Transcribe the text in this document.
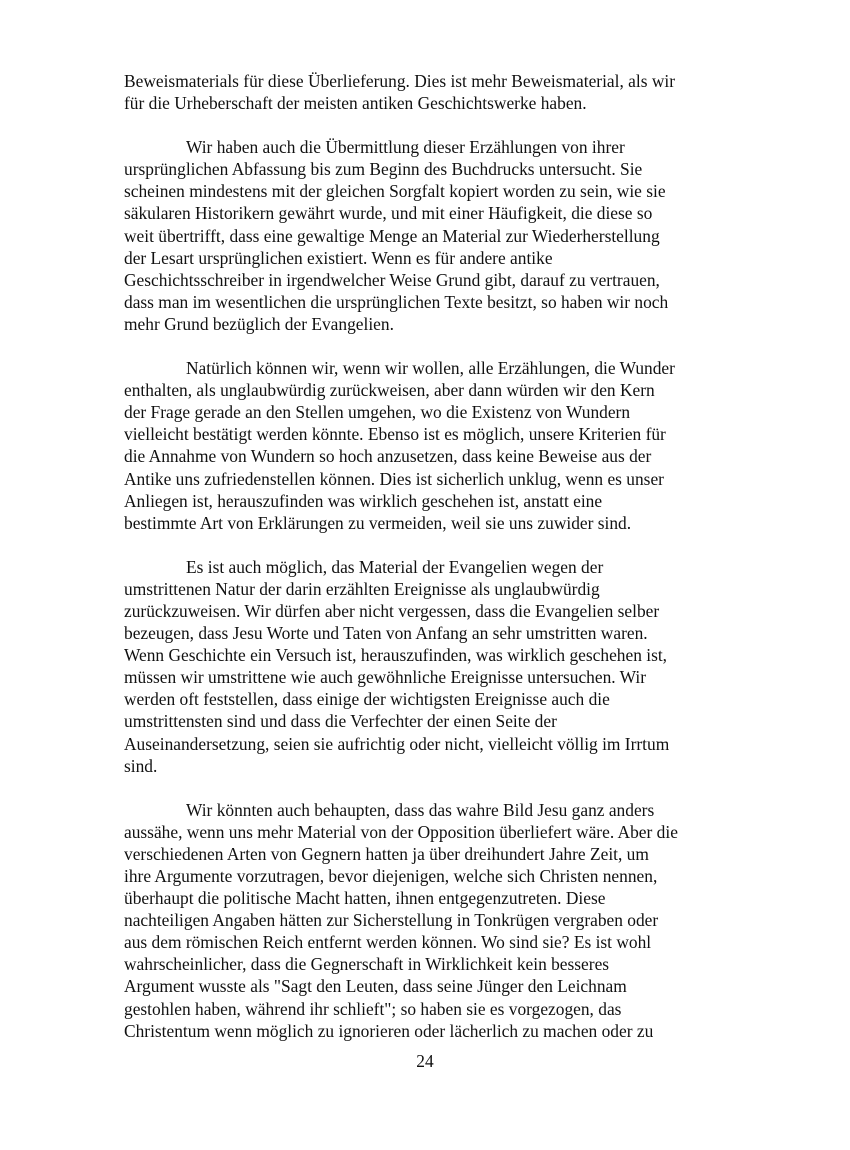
Beweismaterials für diese Überlieferung. Dies ist mehr Beweismaterial, als wir
für die Urheberschaft der meisten antiken Geschichtswerke haben.
Wir haben auch die Übermittlung dieser Erzählungen von ihrer
ursprünglichen Abfassung bis zum Beginn des Buchdrucks untersucht. Sie
scheinen mindestens mit der gleichen Sorgfalt kopiert worden zu sein, wie sie
säkularen Historikern gewährt wurde, und mit einer Häufigkeit, die diese so
weit übertrifft, dass eine gewaltige Menge an Material zur Wiederherstellung
der Lesart ursprünglichen existiert. Wenn es für andere antike
Geschichtsschreiber in irgendwelcher Weise Grund gibt, darauf zu vertrauen,
dass man im wesentlichen die ursprünglichen Texte besitzt, so haben wir noch
mehr Grund bezüglich der Evangelien.
Natürlich können wir, wenn wir wollen, alle Erzählungen, die Wunder
enthalten, als unglaubwürdig zurückweisen, aber dann würden wir den Kern
der Frage gerade an den Stellen umgehen, wo die Existenz von Wundern
vielleicht bestätigt werden könnte. Ebenso ist es möglich, unsere Kriterien für
die Annahme von Wundern so hoch anzusetzen, dass keine Beweise aus der
Antike uns zufriedenstellen können. Dies ist sicherlich unklug, wenn es unser
Anliegen ist, herauszufinden was wirklich geschehen ist, anstatt eine
bestimmte Art von Erklärungen zu vermeiden, weil sie uns zuwider sind.
Es ist auch möglich, das Material der Evangelien wegen der
umstrittenen Natur der darin erzählten Ereignisse als unglaubwürdig
zurückzuweisen. Wir dürfen aber nicht vergessen, dass die Evangelien selber
bezeugen, dass Jesu Worte und Taten von Anfang an sehr umstritten waren.
Wenn Geschichte ein Versuch ist, herauszufinden, was wirklich geschehen ist,
müssen wir umstrittene wie auch gewöhnliche Ereignisse untersuchen. Wir
werden oft feststellen, dass einige der wichtigsten Ereignisse auch die
umstrittensten sind und dass die Verfechter der einen Seite der
Auseinandersetzung, seien sie aufrichtig oder nicht, vielleicht völlig im Irrtum
sind.
Wir könnten auch behaupten, dass das wahre Bild Jesu ganz anders
aussähe, wenn uns mehr Material von der Opposition überliefert wäre. Aber die
verschiedenen Arten von Gegnern hatten ja über dreihundert Jahre Zeit, um
ihre Argumente vorzutragen, bevor diejenigen, welche sich Christen nennen,
überhaupt die politische Macht hatten, ihnen entgegenzutreten. Diese
nachteiligen Angaben hätten zur Sicherstellung in Tonkrügen vergraben oder
aus dem römischen Reich entfernt werden können. Wo sind sie? Es ist wohl
wahrscheinlicher, dass die Gegnerschaft in Wirklichkeit kein besseres
Argument wusste als "Sagt den Leuten, dass seine Jünger den Leichnam
gestohlen haben, während ihr schlieft"; so haben sie es vorgezogen, das
Christentum wenn möglich zu ignorieren oder lächerlich zu machen oder zu
24
